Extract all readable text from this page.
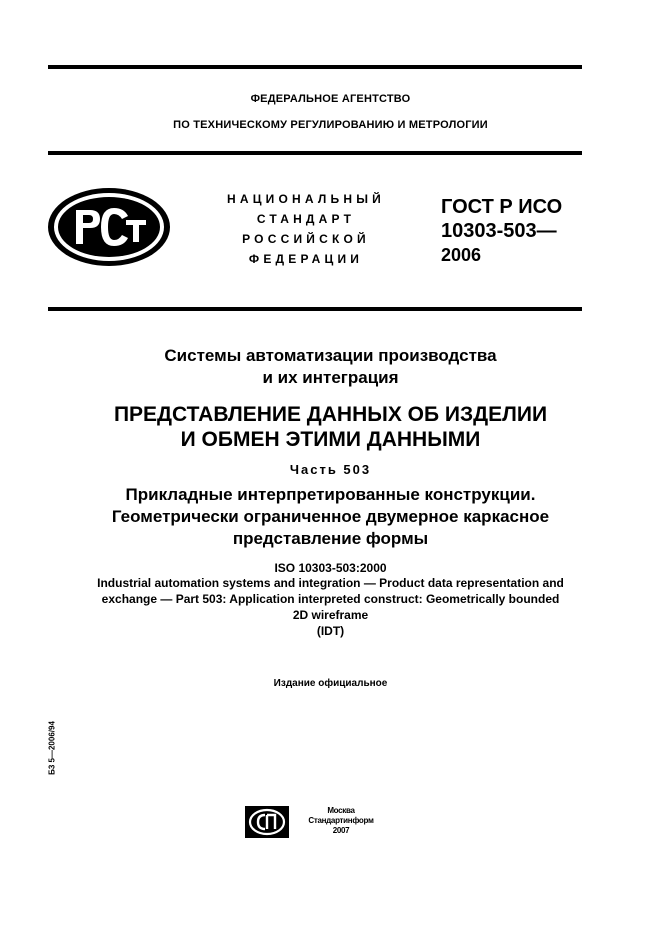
ФЕДЕРАЛЬНОЕ АГЕНТСТВО
ПО ТЕХНИЧЕСКОМУ РЕГУЛИРОВАНИЮ И МЕТРОЛОГИИ
НАЦИОНАЛЬНЫЙ
СТАНДАРТ
РОССИЙСКОЙ
ФЕДЕРАЦИИ
ГОСТ Р ИСО
10303-503—
2006
Системы автоматизации производства
и их интеграция
ПРЕДСТАВЛЕНИЕ ДАННЫХ ОБ ИЗДЕЛИИ
И ОБМЕН ЭТИМИ ДАННЫМИ
Часть 503
Прикладные интерпретированные конструкции.
Геометрически ограниченное двумерное каркасное
представление формы
ISO 10303-503:2000
Industrial automation systems and integration — Product data representation and
exchange — Part 503: Application interpreted construct: Geometrically bounded
2D wireframe
(IDT)
Издание официальное
Б3 5—2006/94
Москва
Стандартинформ
2007
